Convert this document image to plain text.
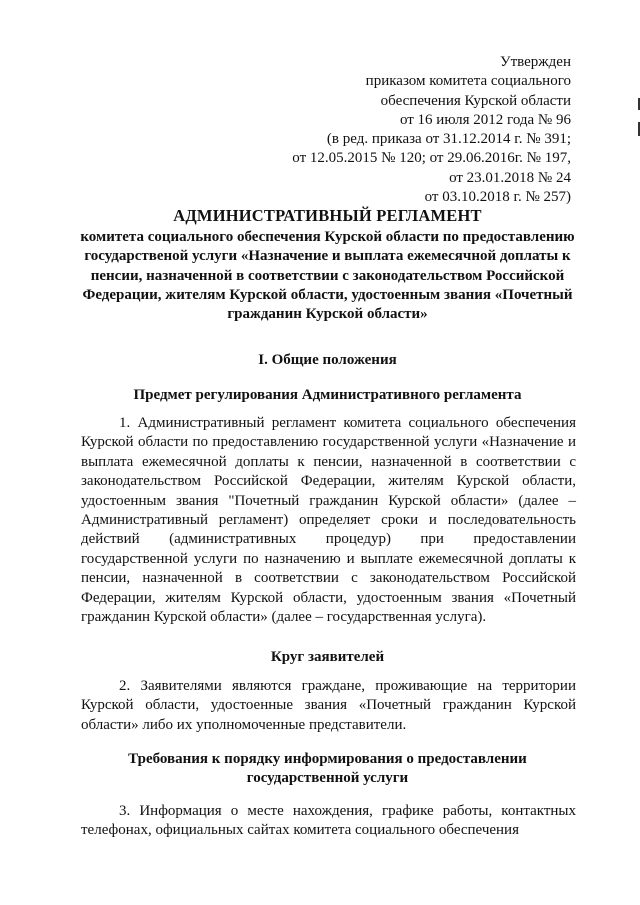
Утвержден
приказом комитета социального
обеспечения Курской области
от 16 июля 2012 года № 96
(в ред. приказа от 31.12.2014 г. № 391;
от 12.05.2015 № 120; от 29.06.2016г. № 197,
от 23.01.2018 № 24
от 03.10.2018 г. № 257)
АДМИНИСТРАТИВНЫЙ РЕГЛАМЕНТ
комитета социального обеспечения Курской области по предоставлению государственой услуги «Назначение и выплата ежемесячной доплаты к пенсии, назначенной в соответствии с законодательством Российской Федерации, жителям Курской области, удостоенным звания «Почетный гражданин Курской области»
I. Общие положения
Предмет регулирования Административного регламента

1. Административный регламент комитета социального обеспечения Курской области по предоставлению государственной услуги «Назначение и выплата ежемесячной доплаты к пенсии, назначенной в соответствии с законодательством Российской Федерации, жителям Курской области, удостоенным звания "Почетный гражданин Курской области» (далее – Административный регламент) определяет сроки и последовательность действий (административных процедур) при предоставлении государственной услуги по назначению и выплате ежемесячной доплаты к пенсии, назначенной в соответствии с законодательством Российской Федерации, жителям Курской области, удостоенным звания «Почетный гражданин Курской области» (далее – государственная услуга).

Круг заявителей

2. Заявителями являются граждане, проживающие на территории Курской области, удостоенные звания «Почетный гражданин Курской области» либо их уполномоченные представители.

Требования к порядку информирования о предоставлении
государственной услуги

3. Информация о месте нахождения, графике работы, контактных телефонах, официальных сайтах комитета социального обеспечения
